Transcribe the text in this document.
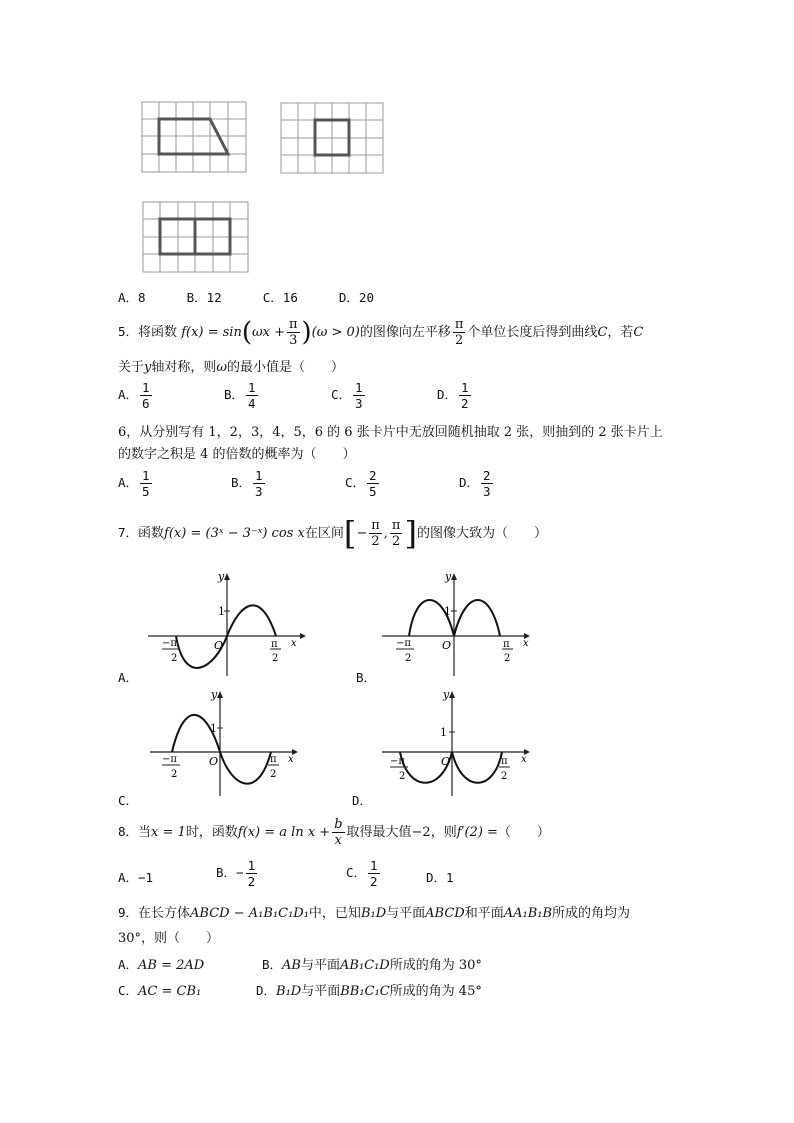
A．8	B．12	C．16	D．20
5．将函数 $f(x) = \sin(\omega x + \frac{\pi}{3} )(\omega > 0)$的图像向左平移 $\frac{\pi}{2}$ 个单位长度后得到曲线C，若C
关于y轴对称，则ω的最小值是（　　）
A． $\frac{1}{6}$	B． $\frac{1}{4}$	C． $\frac{1}{3}$	D． $\frac{1}{2}$
6，从分别写有 1，2，3，4，5，6 的 6 张卡片中无放回随机抽取 2 张，则抽到的 2 张卡片上
的数字之积是 4 的倍数的概率为（　　）
A． $\frac{1}{5}$	B． $\frac{1}{3}$	C． $\frac{2}{5}$	D． $\frac{2}{3}$
7．函数f(x) = (3ˣ − 3⁻ˣ) cos x在区间[− $\frac{\pi}{2}$ , $\frac{\pi}{2}$ ]的图像大致为（　　）
y
x
1
O
−π
2
π
2
A．
y
x
1
O
−π
2
π
2
B．
y
x
1
O
−π
2
π
2
C．
y
x
1
O
−π
2
π
2
D．
8．当x = 1时，函数f(x) = a $\ln x + \frac{b}{x}$ 取得最大值−2，则f′(2) =（　　）
A．−1	B．− $\frac{1}{2}$	C． $\frac{1}{2}$	D．1
9．在长方体ABCD − A₁B₁C₁D₁中，已知B₁D与平面ABCD和平面AA₁B₁B所成的角均为
30°，则（　　）
A．AB = 2AD	B．AB与平面AB₁C₁D所成的角为 30°
C．AC = CB₁	D．B₁D与平面BB₁C₁C所成的角为 45°
